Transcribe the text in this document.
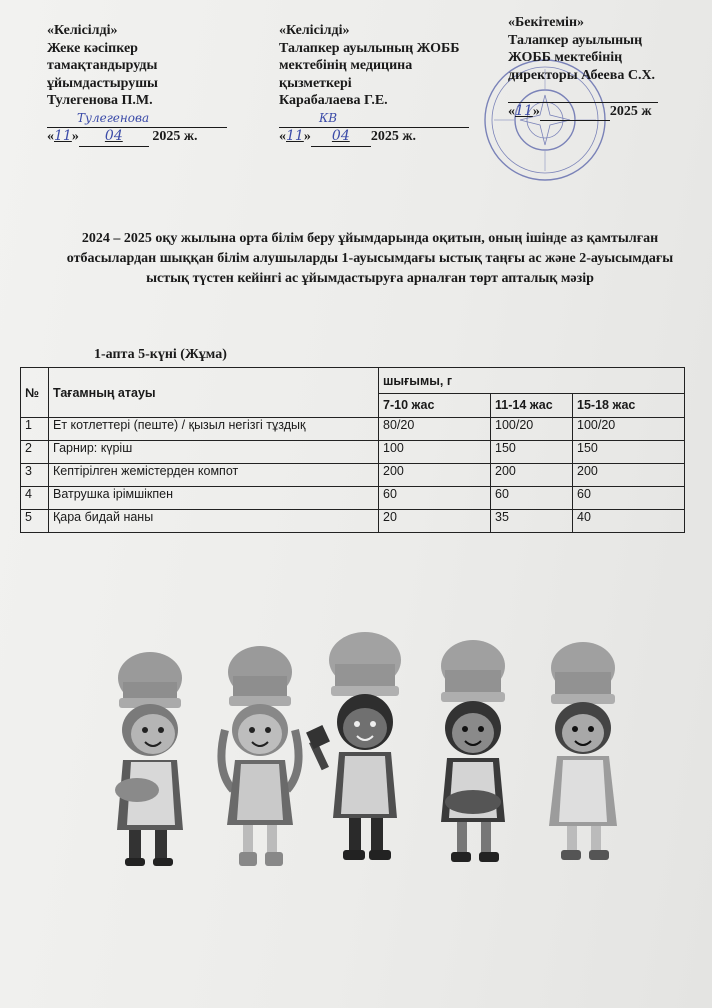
«Келісілді»
Жеке кәсіпкер
тамақтандыруды
ұйымдастырушы
Тулегенова П.М.
Тулегенова
«11» 04 2025 ж.
«Келісілді»
Талапкер ауылының ЖОББ
мектебінің медицина
қызметкері
Карабалаева Г.Е.
КВ
«11» 04 2025 ж.
«Бекітемін»
Талапкер ауылының
ЖОББ мектебінің
директоры Абеева С.Х.

«11»	2025 ж
2024 – 2025 оқу жылына орта білім беру ұйымдарында оқитын, оның ішінде аз қамтылған отбасылардан шыққан білім алушыларды 1-ауысымдағы ыстық таңғы ас және 2-ауысымдағы ыстық түстен кейінгі ас ұйымдастыруға арналған төрт апталық мәзір
1-апта 5-күні (Жұма)
№	Тағамның атауы	шығымы, г		
		7-10 жас	11-14 жас	15-18 жас
1	Ет котлеттері (пеште) / қызыл негізгі тұздық	80/20	100/20	100/20
2	Гарнир: күріш	100	150	150
3	Кептірілген жемістерден компот	200	200	200
4	Ватрушка ірімшікпен	60	60	60
5	Қара бидай наны	20	35	40
